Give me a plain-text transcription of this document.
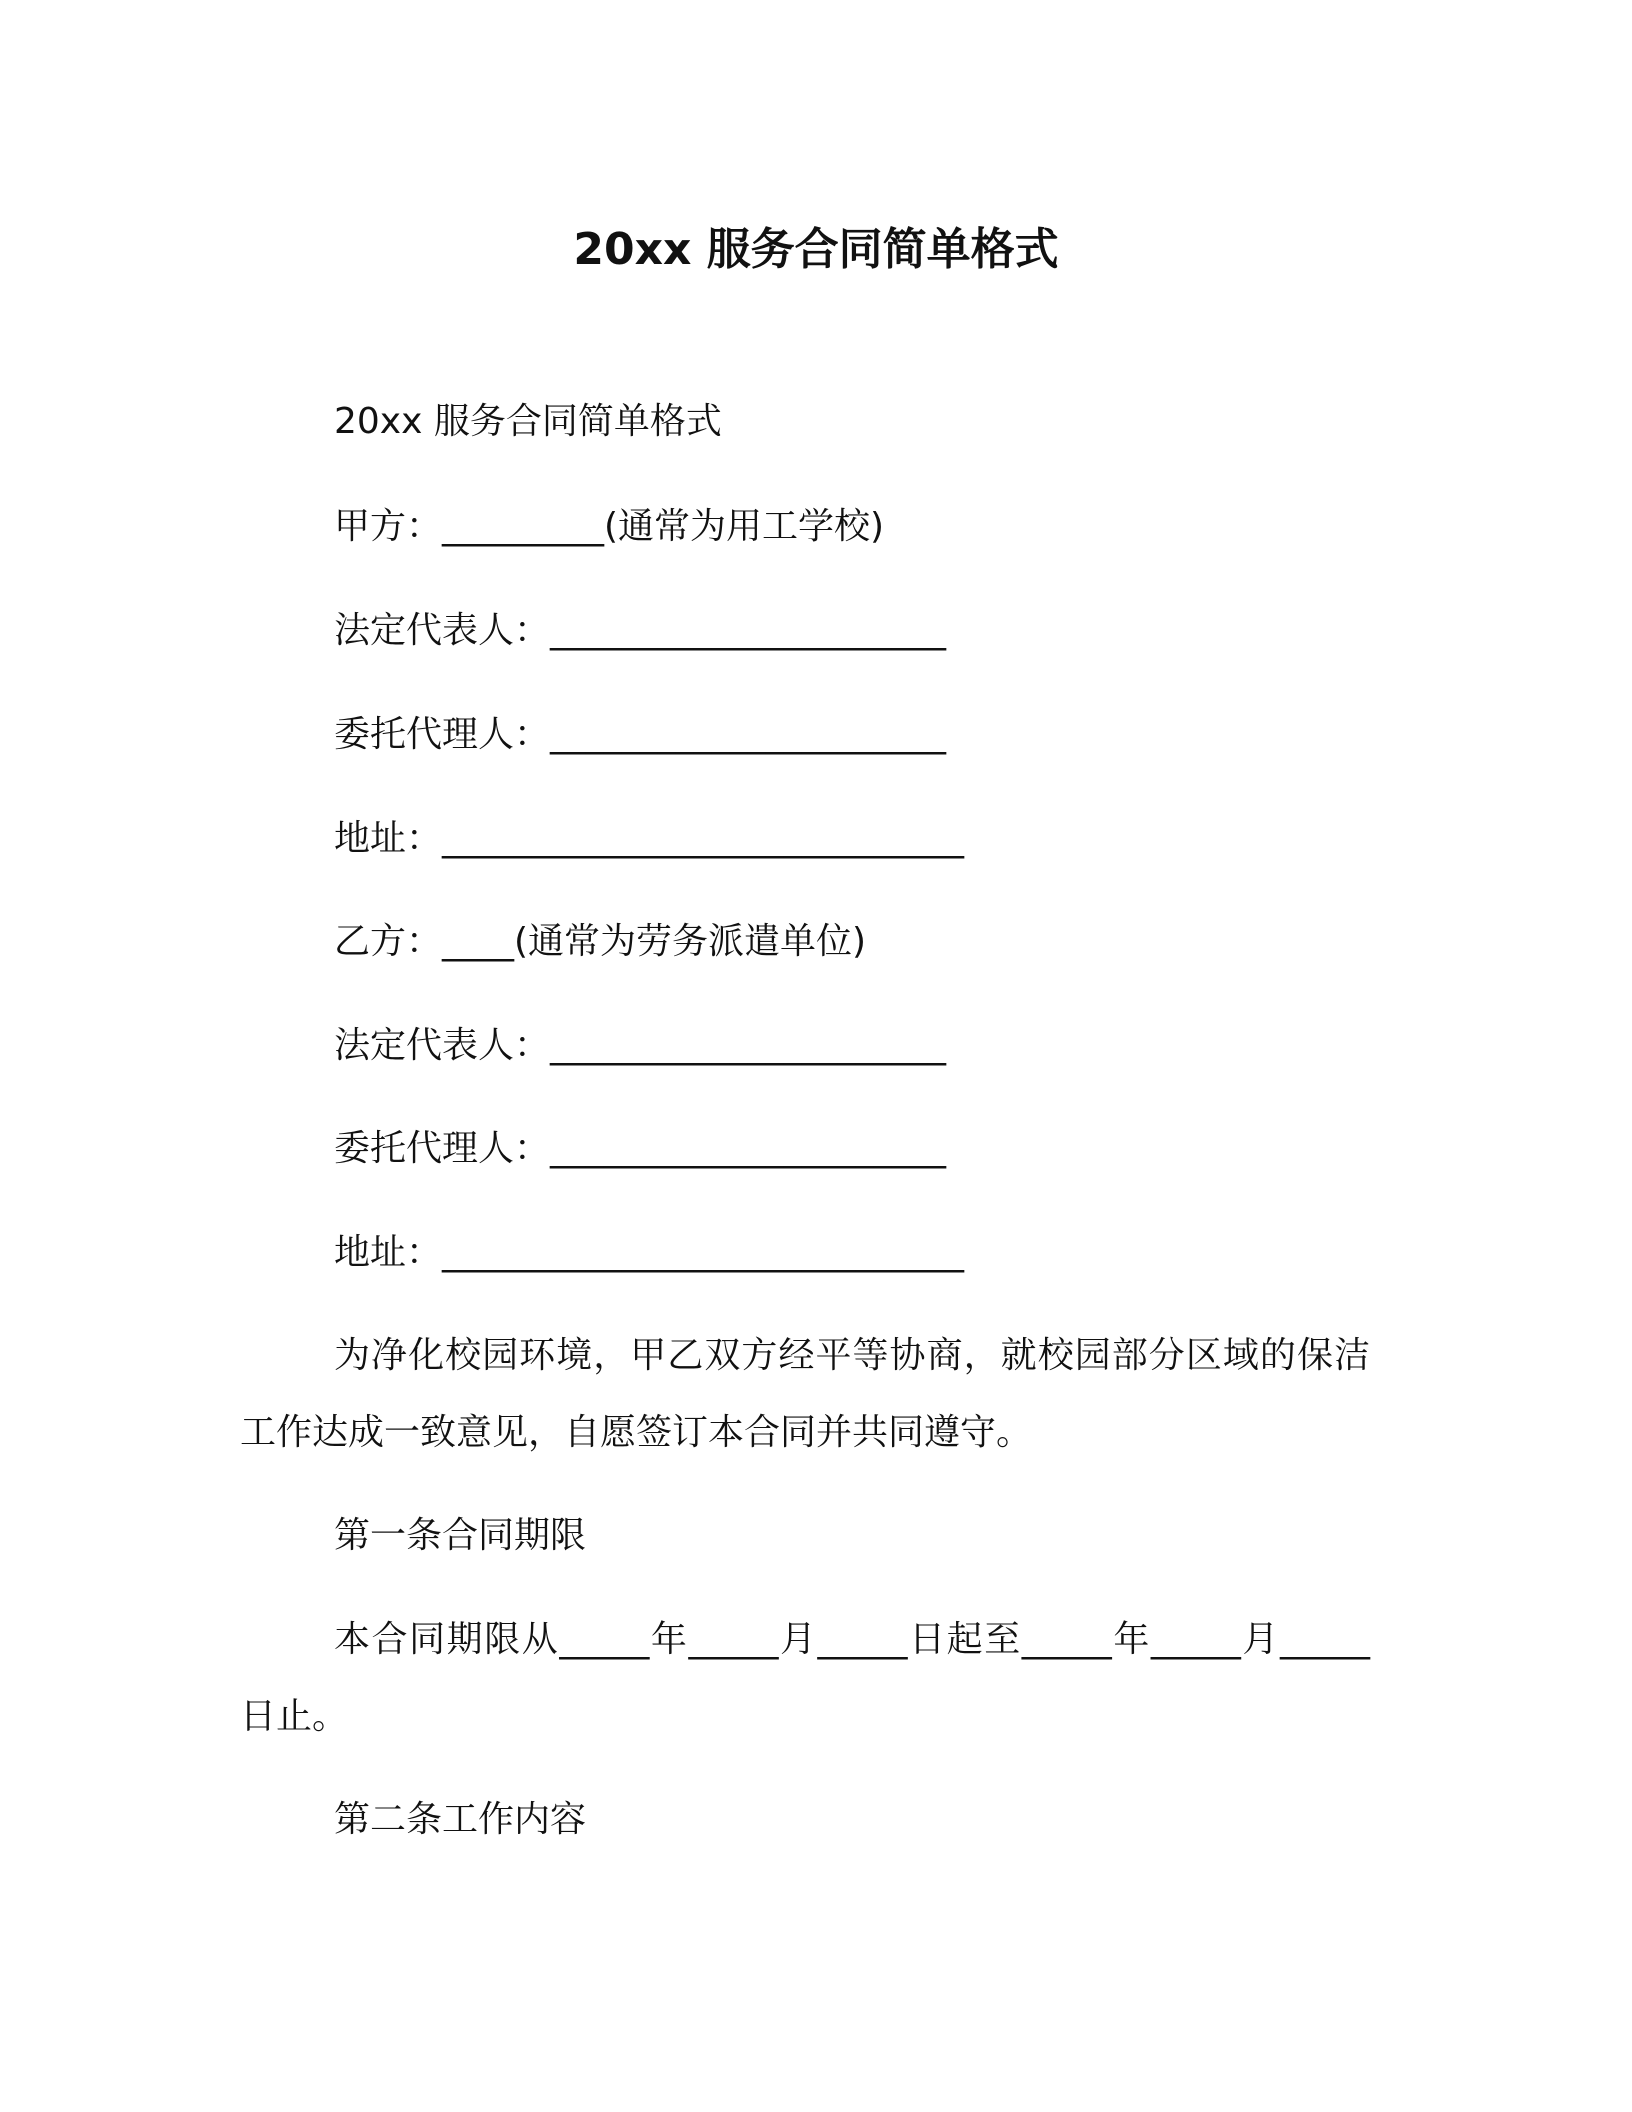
20xx 服务合同简单格式
20xx 服务合同简单格式
甲方：_________(通常为用工学校)
法定代表人：______________________
委托代理人：______________________
地址：_____________________________
乙方：____(通常为劳务派遣单位)
法定代表人：______________________
委托代理人：______________________
地址：_____________________________
为净化校园环境，甲乙双方经平等协商，就校园部分区域的保洁工作达成一致意见，自愿签订本合同并共同遵守。
第一条合同期限
本合同期限从_____年_____月_____日起至_____年_____月_____日止。
第二条工作内容
